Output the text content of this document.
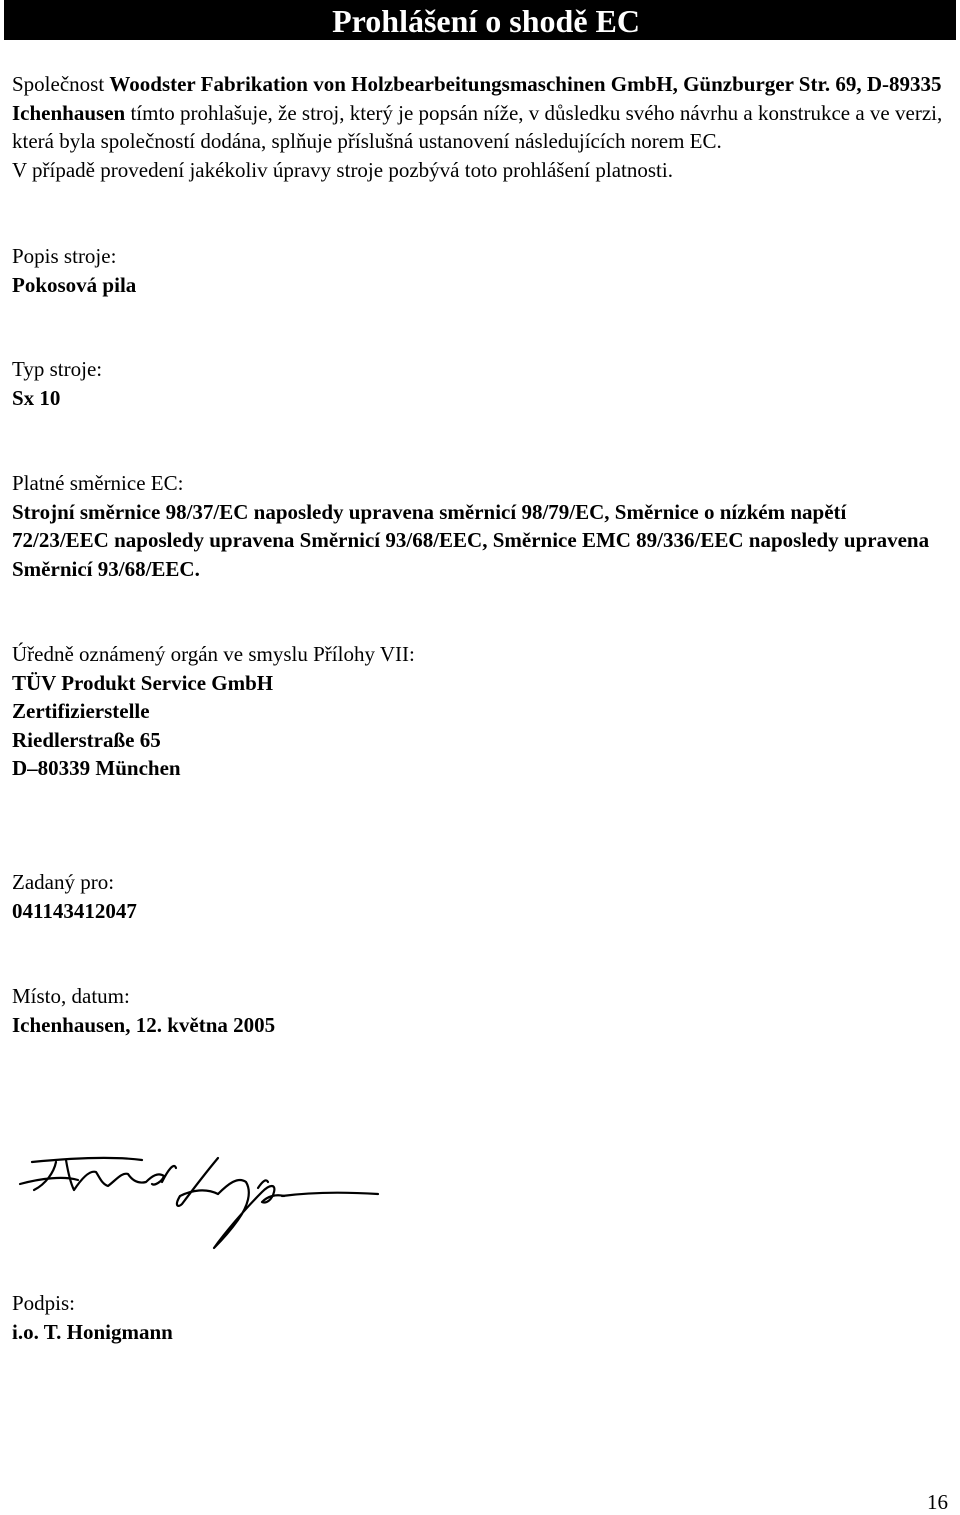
Prohlášení o shodě EC
Společnost Woodster Fabrikation von Holzbearbeitungsmaschinen GmbH, Günzburger Str. 69, D-89335 Ichenhausen tímto prohlašuje, že stroj, který je popsán níže, v důsledku svého návrhu a konstrukce a ve verzi, která byla společností dodána, splňuje příslušná ustanovení následujících norem EC.
V případě provedení jakékoliv úpravy stroje pozbývá toto prohlášení platnosti.
Popis stroje:
Pokosová pila
Typ stroje:
Sx 10
Platné směrnice EC:
Strojní směrnice 98/37/EC naposledy upravena směrnicí 98/79/EC, Směrnice o nízkém napětí 72/23/EEC naposledy upravena Směrnicí 93/68/EEC, Směrnice EMC 89/336/EEC naposledy upravena Směrnicí 93/68/EEC.
Úředně oznámený orgán ve smyslu Přílohy VII:
TÜV Produkt Service GmbH
Zertifizierstelle
Riedlerstraße 65
D–80339 München
Zadaný pro:
041143412047
Místo, datum:
Ichenhausen, 12. května 2005
Podpis:
i.o. T. Honigmann
16
